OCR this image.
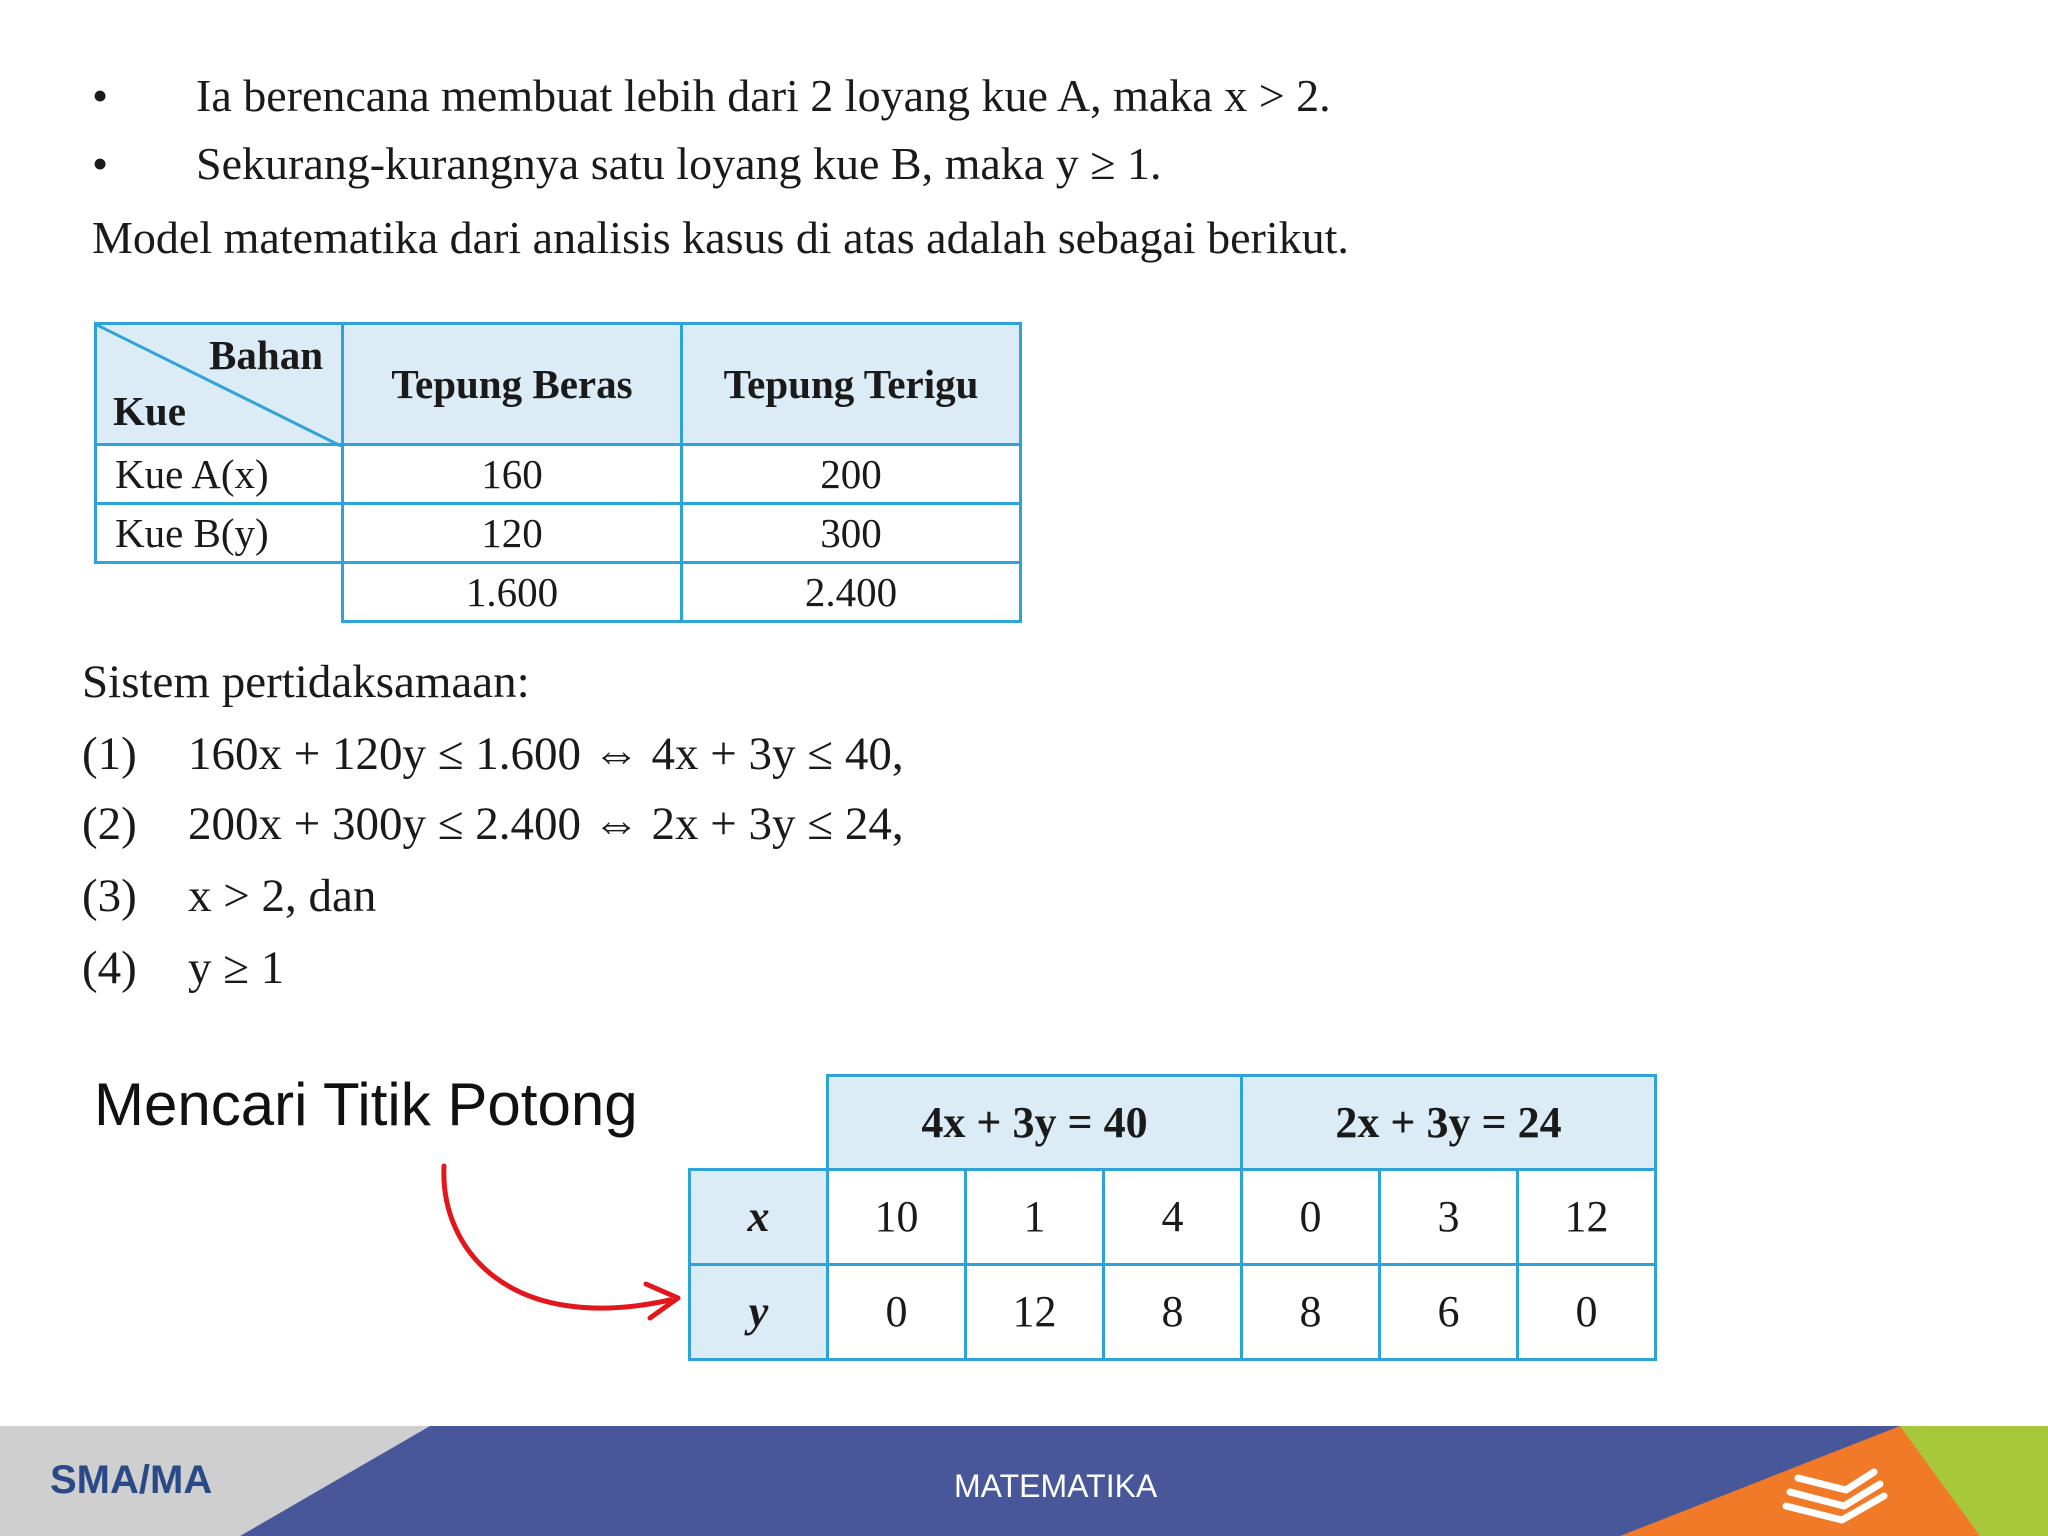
• Ia berencana membuat lebih dari 2 loyang kue A, maka x > 2.
• Sekurang-kurangnya satu loyang kue B, maka y ≥ 1.
Model matematika dari analisis kasus di atas adalah sebagai berikut.
Bahan
Kue	Tepung Beras	Tepung Terigu
Kue A(x)	160	200
Kue B(y)	120	300
	1.600	2.400
Sistem pertidaksamaan:
(1) 160x + 120y ≤ 1.600 ⇔ 4x + 3y ≤ 40,
(2) 200x + 300y ≤ 2.400 ⇔ 2x + 3y ≤ 24,
(3) x > 2, dan
(4) y ≥ 1
Mencari Titik Potong
		4x + 3y = 40			2x + 3y = 24		
x	10	1	4	0	3	12
y	0	12	8	8	6	0
SMA/MA	MATEMATIKA
